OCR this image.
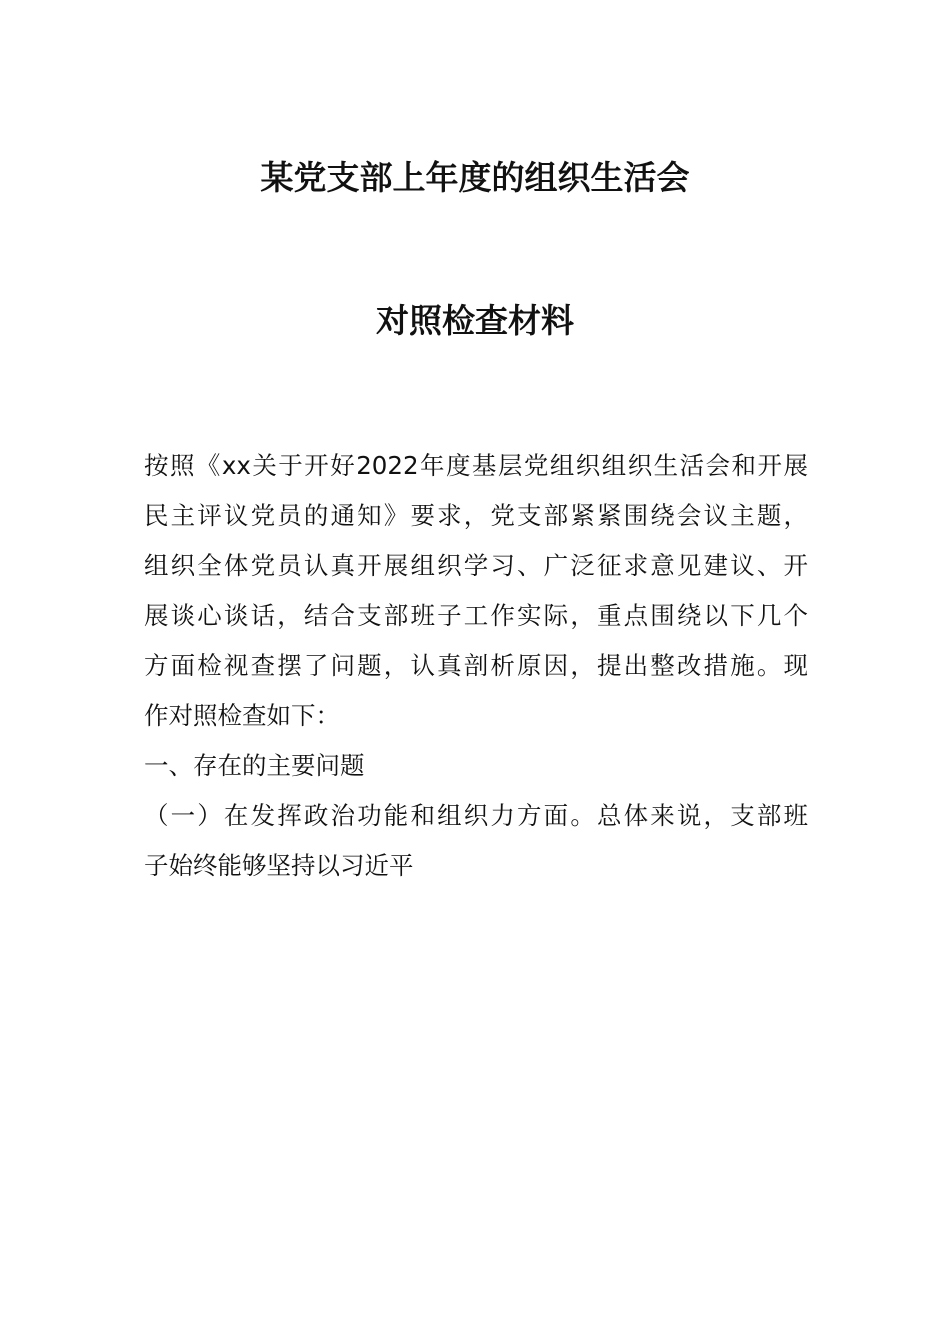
某党支部上年度的组织生活会
对照检查材料
按照《xx关于开好2022年度基层党组织组织生活会和开展
民主评议党员的通知》要求，党支部紧紧围绕会议主题，
组织全体党员认真开展组织学习、广泛征求意见建议、开
展谈心谈话，结合支部班子工作实际，重点围绕以下几个
方面检视查摆了问题，认真剖析原因，提出整改措施。现
作对照检查如下：
一、存在的主要问题
（一）在发挥政治功能和组织力方面。总体来说，支部班
子始终能够坚持以习近平
